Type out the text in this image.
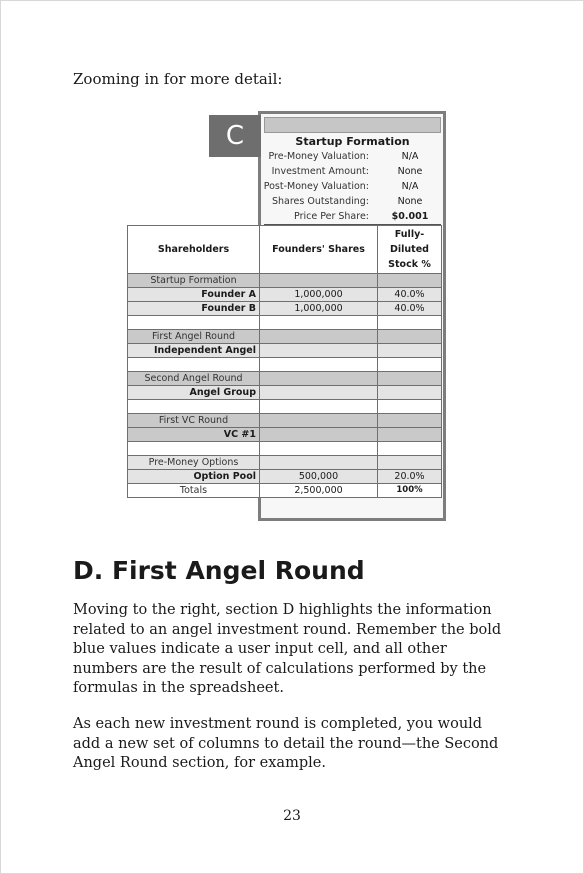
Zooming in for more detail:
C	Startup Formation
Pre-Money Valuation:	N/A
Investment Amount:	None
Post-Money Valuation:	N/A
Shares Outstanding:	None
Price Per Share:	$0.001
Shareholders	Founders' Shares	Fully-Diluted Stock %
Startup Formation		
Founder A	1,000,000	40.0%
Founder B	1,000,000	40.0%

First Angel Round		
Independent Angel		

Second Angel Round		
Angel Group		

First VC Round		
VC #1		

Pre-Money Options		
Option Pool	500,000	20.0%
Totals	2,500,000	100%
D. First Angel Round
Moving to the right, section D highlights the information related to an angel investment round. Remember the bold blue values indicate a user input cell, and all other numbers are the result of calculations performed by the formulas in the spreadsheet.
As each new investment round is completed, you would add a new set of columns to detail the round—the Second Angel Round section, for example.
23
